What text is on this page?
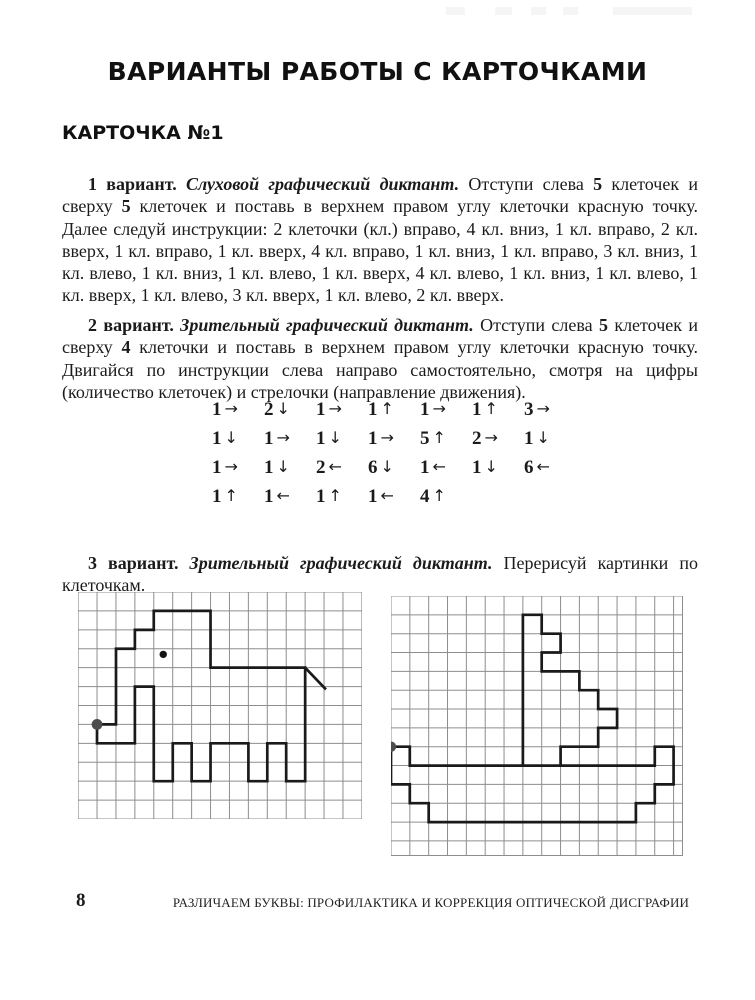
ВАРИАНТЫ РАБОТЫ С КАРТОЧКАМИ
КАРТОЧКА №1

1 вариант. Слуховой графический диктант. Отступи слева 5 клеточек и сверху 5 клеточек и поставь в верхнем правом углу клеточки красную точку. Далее следуй инструкции: 2 клеточки (кл.) вправо, 4 кл. вниз, 1 кл. вправо, 2 кл. вверх, 1 кл. вправо, 1 кл. вверх, 4 кл. вправо, 1 кл. вниз, 1 кл. вправо, 3 кл. вниз, 1 кл. влево, 1 кл. вниз, 1 кл. влево, 1 кл. вверх, 4 кл. влево, 1 кл. вниз, 1 кл. влево, 1 кл. вверх, 1 кл. влево, 3 кл. вверх, 1 кл. влево, 2 кл. вверх.

2 вариант. Зрительный графический диктант. Отступи слева 5 клеточек и сверху 4 клеточки и поставь в верхнем правом углу клеточки красную точку. Двигайся по инструкции слева направо самостоятельно, смотря на цифры (количество клеточек) и стрелочки (направление движения).

1 →	2 ↓	1 →	1 ↑	1 →	1 ↑	3 →
1 ↓	1 →	1 ↓	1 →	5 ↑	2 →	1 ↓
1 →	1 ↓	2 ←	6 ↓	1 ←	1 ↓	6 ←
1 ↑	1 ←	1 ↑	1 ←	4 ↑

3 вариант. Зрительный графический диктант. Перерисуй картинки по клеточкам.

8	РАЗЛИЧАЕМ БУКВЫ: ПРОФИЛАКТИКА И КОРРЕКЦИЯ ОПТИЧЕСКОЙ ДИСГРАФИИ
